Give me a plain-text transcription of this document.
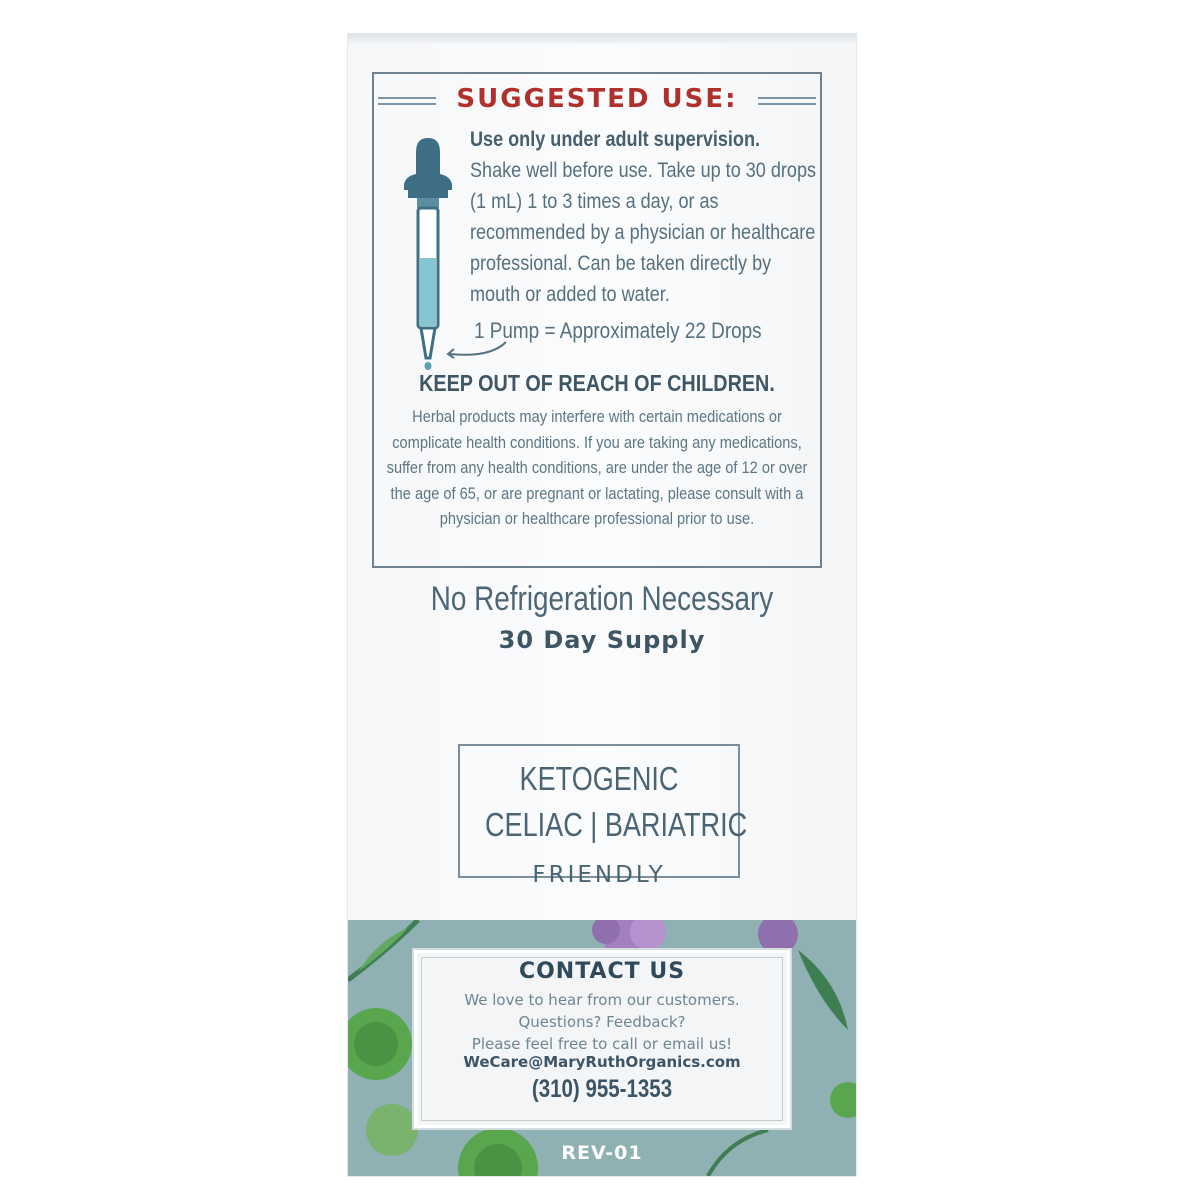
SUGGESTED USE:
Use only under adult supervision.
Shake well before use. Take up to 30 drops (1 mL) 1 to 3 times a day, or as recommended by a physician or healthcare professional. Can be taken directly by mouth or added to water.
1 Pump = Approximately 22 Drops
KEEP OUT OF REACH OF CHILDREN.
Herbal products may interfere with certain medications or complicate health conditions. If you are taking any medications, suffer from any health conditions, are under the age of 12 or over the age of 65, or are pregnant or lactating, please consult with a physician or healthcare professional prior to use.
No Refrigeration Necessary
30 Day Supply
KETOGENIC
CELIAC | BARIATRIC
FRIENDLY
CONTACT US
We love to hear from our customers.
Questions? Feedback?
Please feel free to call or email us!
WeCare@MaryRuthOrganics.com
(310) 955-1353
REV-01
